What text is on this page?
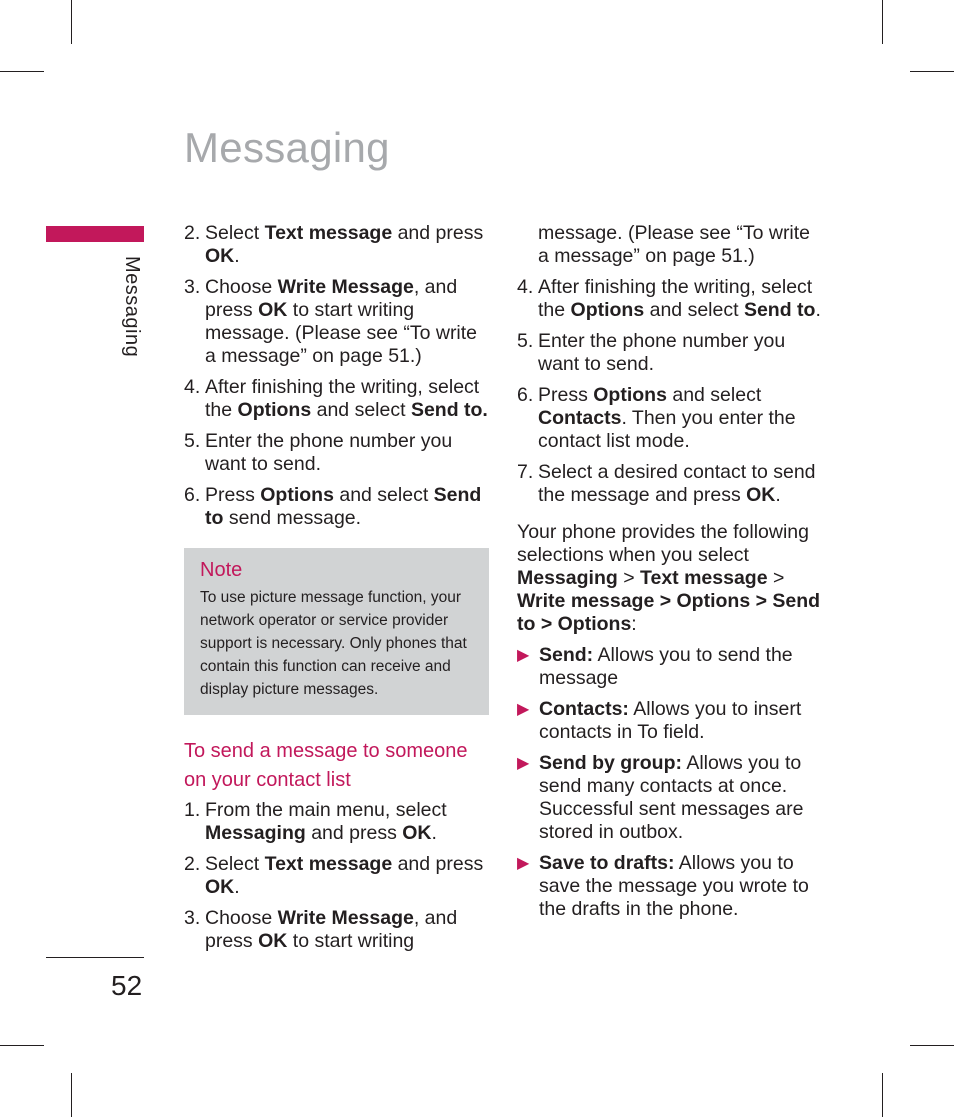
Messaging
Messaging
52
2. Select Text message and press OK.
3. Choose Write Message, and press OK to start writing message. (Please see “To write a message” on page 51.)
4. After finishing the writing, select the Options and select Send to.
5. Enter the phone number you want to send.
6. Press Options and select Send to send message.
Note
To use picture message function, your network operator or service provider support is necessary. Only phones that contain this function can receive and display picture messages.
To send a message to someone on your contact list
1. From the main menu, select Messaging and press OK.
2. Select Text message and press OK.
3. Choose Write Message, and press OK to start writing
message. (Please see “To write a message” on page 51.)
4. After finishing the writing, select the Options and select Send to.
5. Enter the phone number you want to send.
6. Press Options and select Contacts. Then you enter the contact list mode.
7. Select a desired contact to send the message and press OK.
Your phone provides the following selections when you select Messaging > Text message > Write message > Options > Send to > Options:
▶ Send: Allows you to send the message
▶ Contacts: Allows you to insert contacts in To field.
▶ Send by group: Allows you to send many contacts at once. Successful sent messages are stored in outbox.
▶ Save to drafts: Allows you to save the message you wrote to the drafts in the phone.
